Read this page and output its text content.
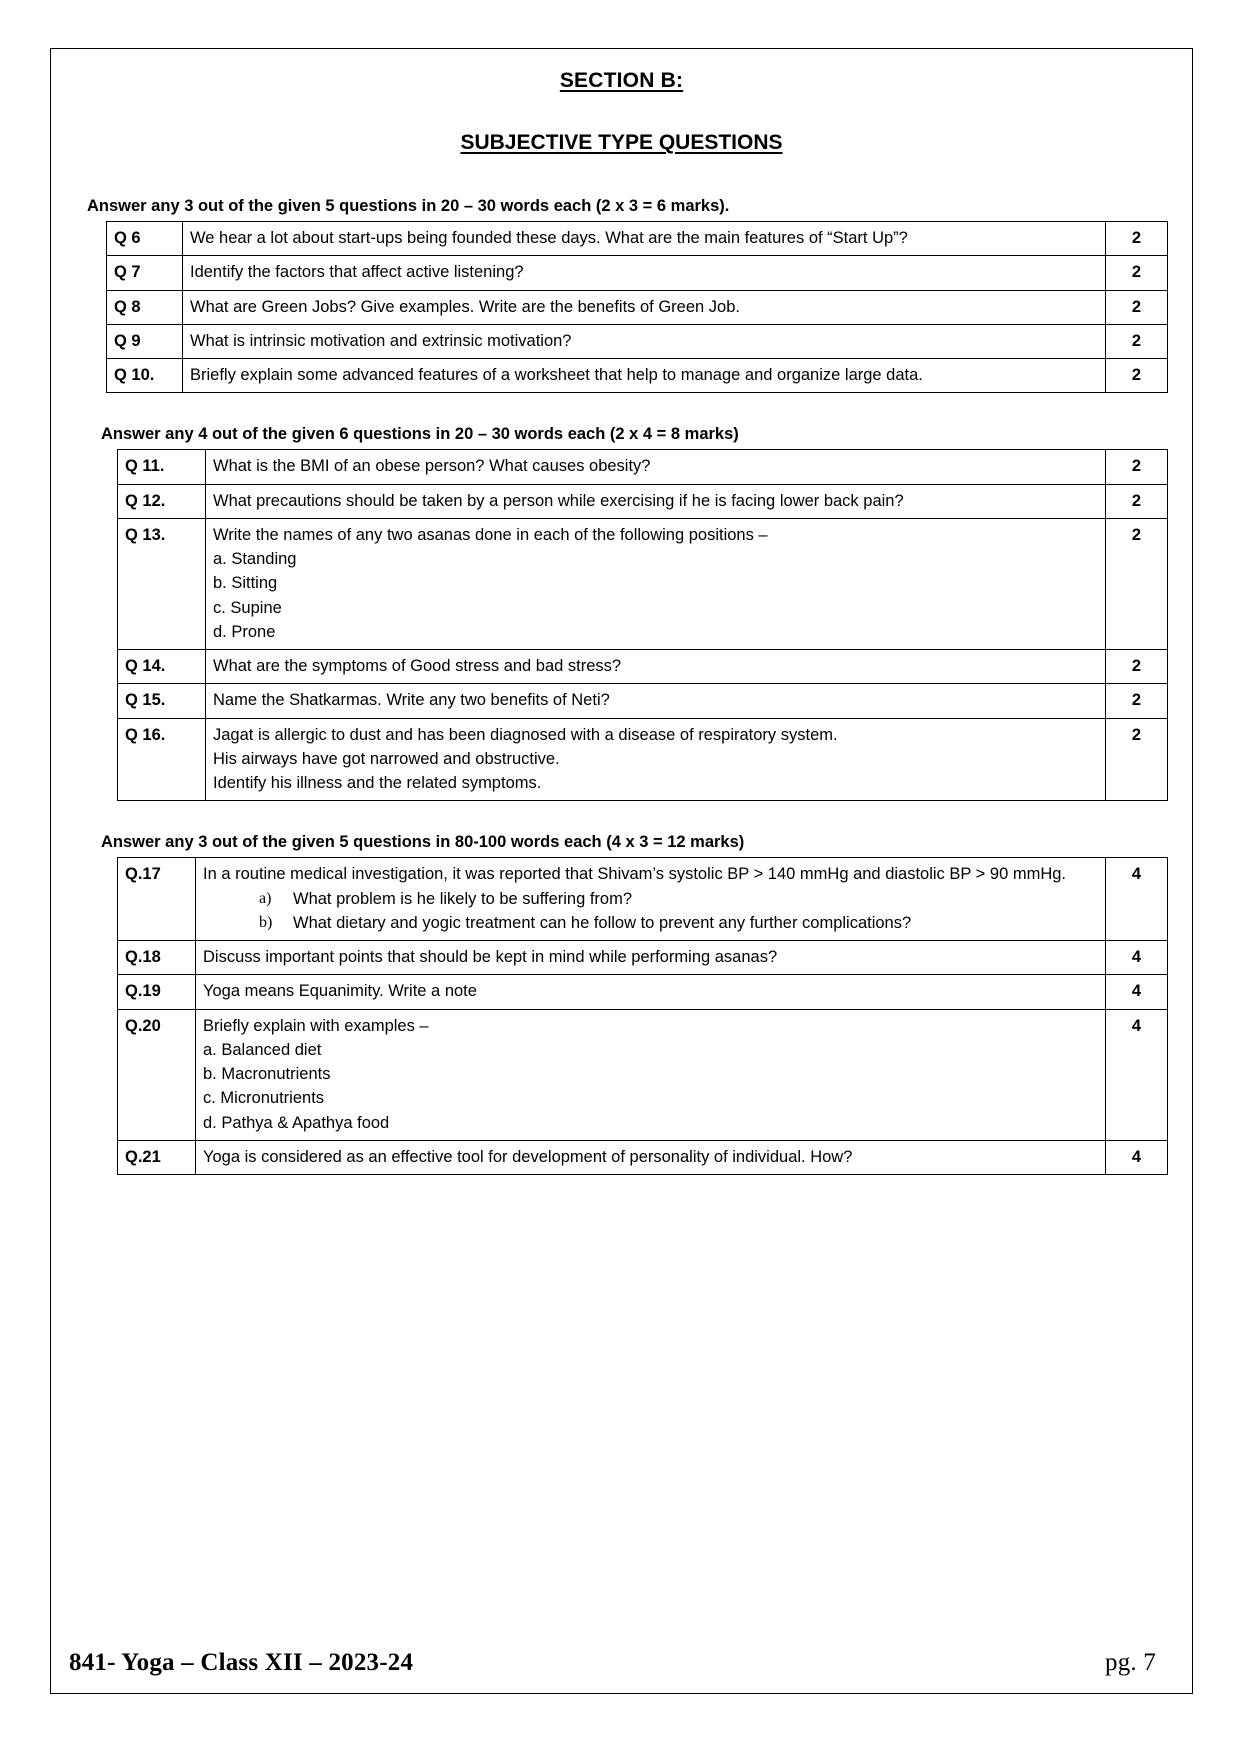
SECTION B:
SUBJECTIVE TYPE QUESTIONS
Answer any 3 out of the given 5 questions in 20 – 30 words each (2 x 3 = 6 marks).
Q 6	We hear a lot about start-ups being founded these days. What are the main features of “Start Up”?	2
Q 7	Identify the factors that affect active listening?	2
Q 8	What are Green Jobs? Give examples. Write are the benefits of Green Job.	2
Q 9	What is intrinsic motivation and extrinsic motivation?	2
Q 10.	Briefly explain some advanced features of a worksheet that help to manage and organize large data.	2
Answer any 4 out of the given 6 questions in 20 – 30 words each (2 x 4 = 8 marks)
Q 11.	What is the BMI of an obese person? What causes obesity?	2
Q 12.	What precautions should be taken by a person while exercising if he is facing lower back pain?	2
Q 13.	Write the names of any two asanas done in each of the following positions –
a. Standing
b. Sitting
c. Supine
d. Prone
	2
Q 14.	What are the symptoms of Good stress and bad stress?	2
Q 15.	Name the Shatkarmas. Write any two benefits of Neti?	2
Q 16.	Jagat is allergic to dust and has been diagnosed with a disease of respiratory system.
His airways have got narrowed and obstructive.
Identify his illness and the related symptoms.	2
Answer any 3 out of the given 5 questions in 80-100 words each (4 x 3 = 12 marks)
Q.17	In a routine medical investigation, it was reported that Shivam’s systolic BP > 140 mmHg and diastolic BP > 90 mmHg.
a)	What problem is he likely to be suffering from?
b)	What dietary and yogic treatment can he follow to prevent any further complications?
	4
Q.18	Discuss important points that should be kept in mind while performing asanas?	4
Q.19	Yoga means Equanimity. Write a note	4
Q.20	Briefly explain with examples –
a. Balanced diet
b. Macronutrients
c. Micronutrients
d. Pathya & Apathya food
	4
Q.21	Yoga is considered as an effective tool for development of personality of individual. How?	4
841- Yoga – Class XII – 2023-24	pg. 7
